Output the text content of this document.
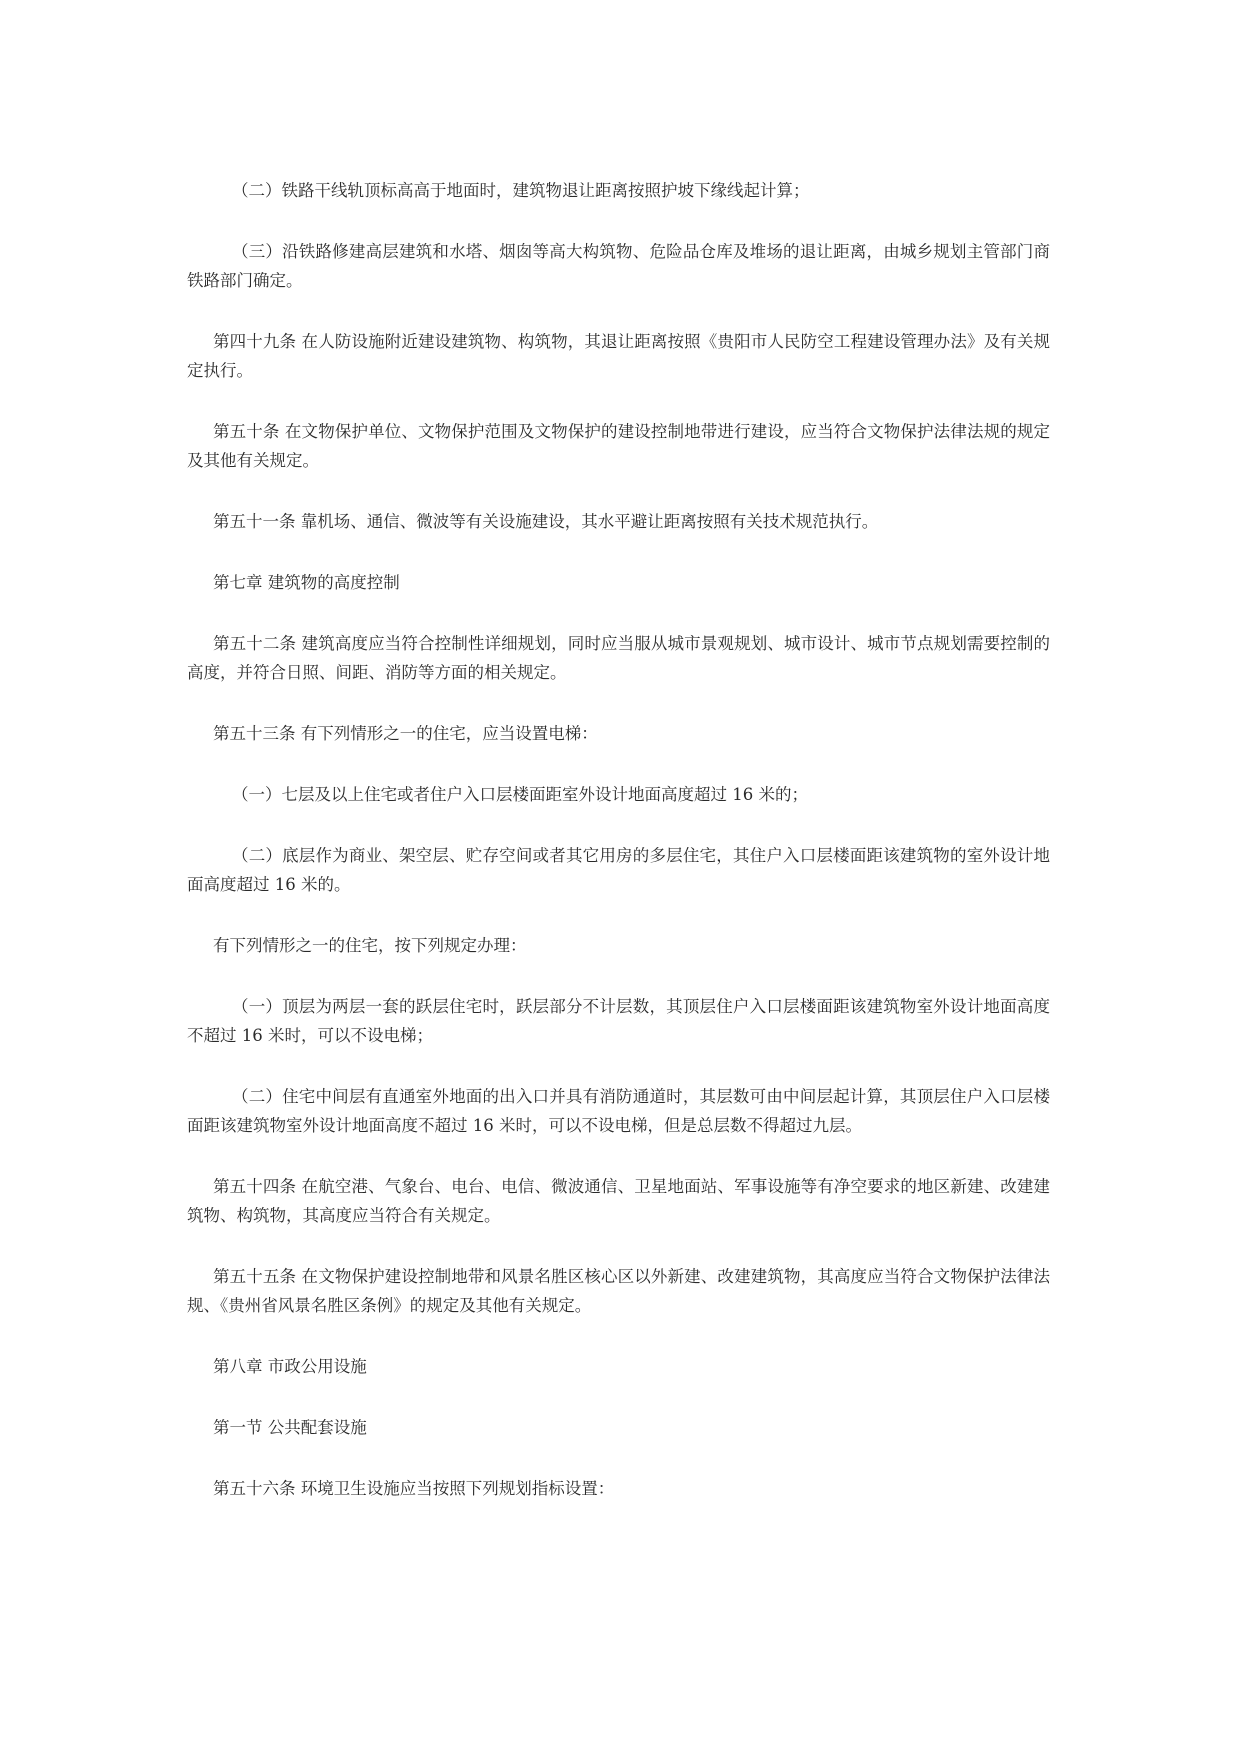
（二）铁路干线轨顶标高高于地面时，建筑物退让距离按照护坡下缘线起计算；

（三）沿铁路修建高层建筑和水塔、烟囱等高大构筑物、危险品仓库及堆场的退让距离，由城乡规划主管部门商铁路部门确定。

第四十九条 在人防设施附近建设建筑物、构筑物，其退让距离按照《贵阳市人民防空工程建设管理办法》及有关规定执行。

第五十条 在文物保护单位、文物保护范围及文物保护的建设控制地带进行建设，应当符合文物保护法律法规的规定及其他有关规定。

第五十一条 靠机场、通信、微波等有关设施建设，其水平避让距离按照有关技术规范执行。

第七章 建筑物的高度控制

第五十二条 建筑高度应当符合控制性详细规划，同时应当服从城市景观规划、城市设计、城市节点规划需要控制的高度，并符合日照、间距、消防等方面的相关规定。

第五十三条 有下列情形之一的住宅，应当设置电梯：

（一）七层及以上住宅或者住户入口层楼面距室外设计地面高度超过 16 米的；

（二）底层作为商业、架空层、贮存空间或者其它用房的多层住宅，其住户入口层楼面距该建筑物的室外设计地面高度超过 16 米的。

有下列情形之一的住宅，按下列规定办理：

（一）顶层为两层一套的跃层住宅时，跃层部分不计层数，其顶层住户入口层楼面距该建筑物室外设计地面高度不超过 16 米时，可以不设电梯；

（二）住宅中间层有直通室外地面的出入口并具有消防通道时，其层数可由中间层起计算，其顶层住户入口层楼面距该建筑物室外设计地面高度不超过 16 米时，可以不设电梯，但是总层数不得超过九层。

第五十四条 在航空港、气象台、电台、电信、微波通信、卫星地面站、军事设施等有净空要求的地区新建、改建建筑物、构筑物，其高度应当符合有关规定。

第五十五条 在文物保护建设控制地带和风景名胜区核心区以外新建、改建建筑物，其高度应当符合文物保护法律法规、《贵州省风景名胜区条例》的规定及其他有关规定。

第八章 市政公用设施

第一节 公共配套设施

第五十六条 环境卫生设施应当按照下列规划指标设置：
